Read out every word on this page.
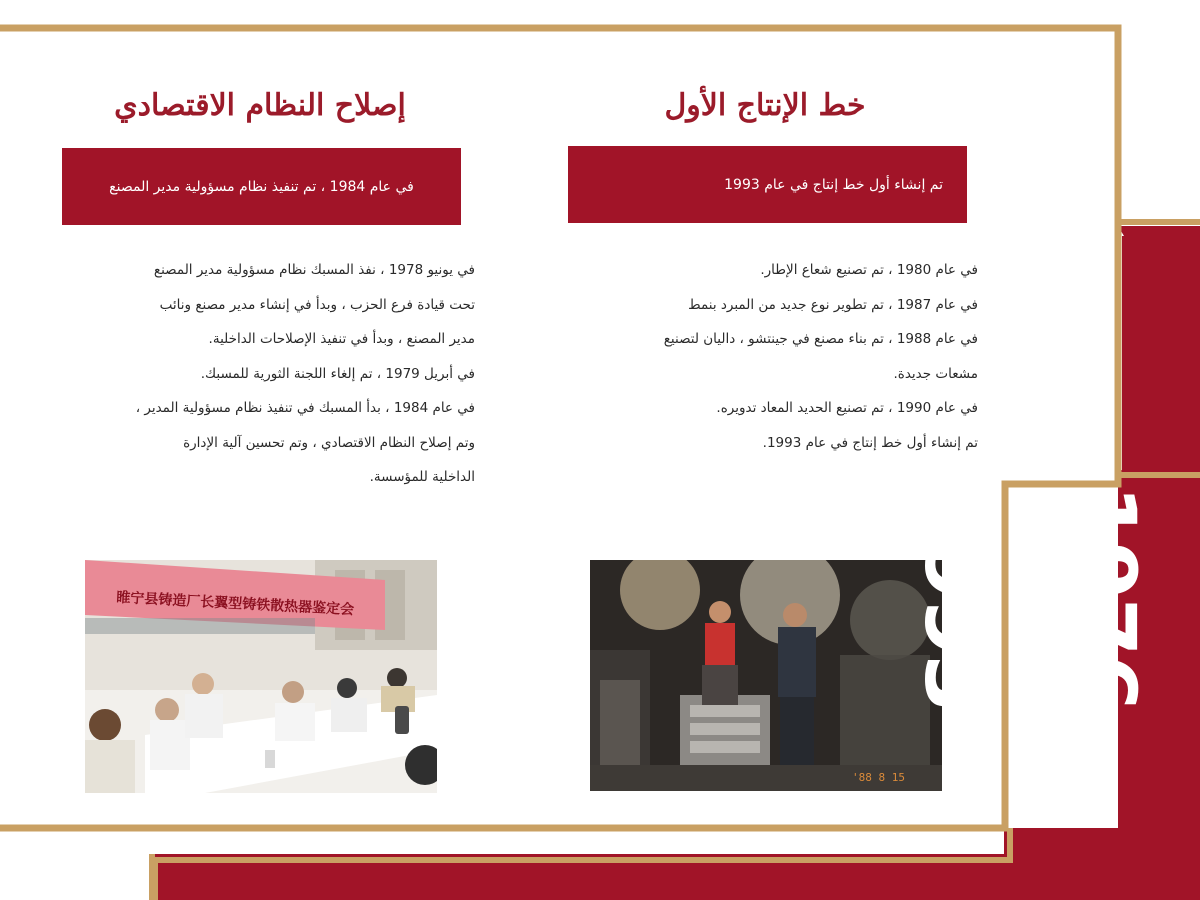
إصلاح النظام الاقتصادي	خط الإنتاج الأول
في عام 1984 ، تم تنفيذ نظام مسؤولية مدير المصنع	تم إنشاء أول خط إنتاج في عام 1993

في يونيو 1978 ، نفذ المسبك نظام مسؤولية مدير المصنع

تحت قيادة فرع الحزب ، وبدأ في إنشاء مدير مصنع ونائب

مدير المصنع ، وبدأ في تنفيذ الإصلاحات الداخلية.

في أبريل 1979 ، تم إلغاء اللجنة الثورية للمسبك.

في عام 1984 ، بدأ المسبك في تنفيذ نظام مسؤولية المدير ،

وتم إصلاح النظام الاقتصادي ، وتم تحسين آلية الإدارة

الداخلية للمؤسسة.

في عام 1980 ، تم تصنيع شعاع الإطار.

في عام 1987 ، تم تطوير نوع جديد من المبرد بنمط

في عام 1988 ، تم بناء مصنع في جينتشو ، داليان لتصنيع

مشعات جديدة.

في عام 1990 ، تم تصنيع الحديد المعاد تدويره.

تم إنشاء أول خط إنتاج في عام 1993.

睢宁县铸造厂长翼型铸铁散热器鉴定会
'88 8 15
1976-1993
